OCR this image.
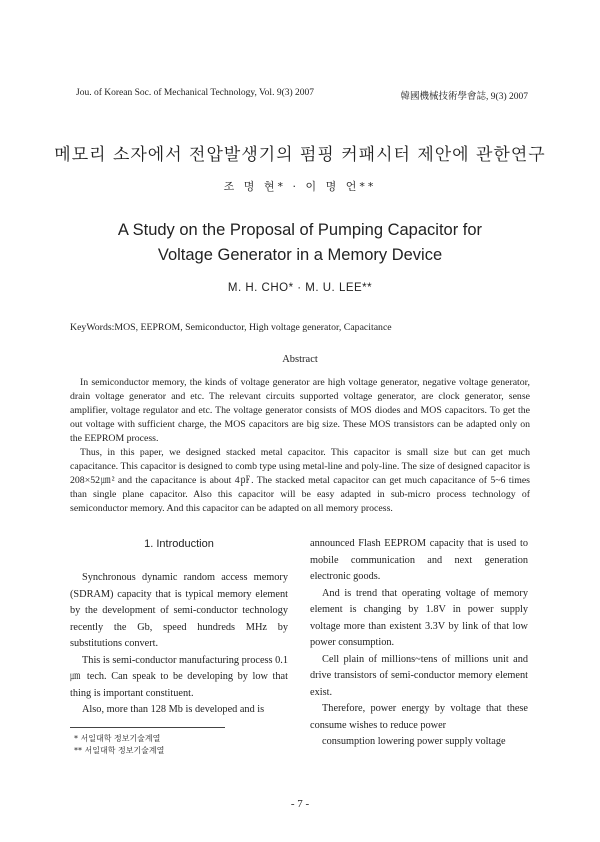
Jou. of Korean Soc. of Mechanical Technology, Vol. 9(3) 2007	韓國機械技術學會誌, 9(3) 2007
메모리 소자에서 전압발생기의 펌핑 커패시터 제안에 관한연구
조 명 현* · 이 명 언**
A Study on the Proposal of Pumping Capacitor for
Voltage Generator in a Memory Device
M. H. CHO* · M. U. LEE**
KeyWords:MOS, EEPROM, Semiconductor, High voltage generator, Capacitance
Abstract

In semiconductor memory, the kinds of voltage generator are high voltage generator, negative voltage generator, drain voltage generator and etc. The relevant circuits supported voltage generator, are clock generator, sense amplifier, voltage regulator and etc. The voltage generator consists of MOS diodes and MOS capacitors. To get the out voltage with sufficient charge, the MOS capacitors are big size. These MOS transistors can be adapted only on the EEPROM process.

Thus, in this paper, we designed stacked metal capacitor. This capacitor is small size but can get much capacitance. This capacitor is designed to comb type using metal-line and poly-line. The size of designed capacitor is 208×52㎛² and the capacitance is about 4㎊. The stacked metal capacitor can get much capacitance of 5~6 times than single plane capacitor. Also this capacitor will be easy adapted in sub-micro process technology of semiconductor memory. And this capacitor can be adapted on all memory process.

1. Introduction

Synchronous dynamic random access memory (SDRAM) capacity that is typical memory element by the development of semi-conductor technology recently the Gb, speed hundreds MHz by substitutions convert.

This is semi-conductor manufacturing process 0.1㎛ tech. Can speak to be developing by low that thing is important constituent.

Also, more than 128 Mb is developed and is

announced Flash EEPROM capacity that is used to mobile communication and next generation electronic goods.

And is trend that operating voltage of memory element is changing by 1.8V in power supply voltage more than existent 3.3V by link of that low power consumption.

Cell plain of millions~tens of millions unit and drive transistors of semi-conductor memory element exist.

Therefore, power energy by voltage that these consume wishes to reduce power

consumption lowering power supply voltage

* 서일대학 정보기술계열
** 서일대학 정보기술계열
- 7 -
